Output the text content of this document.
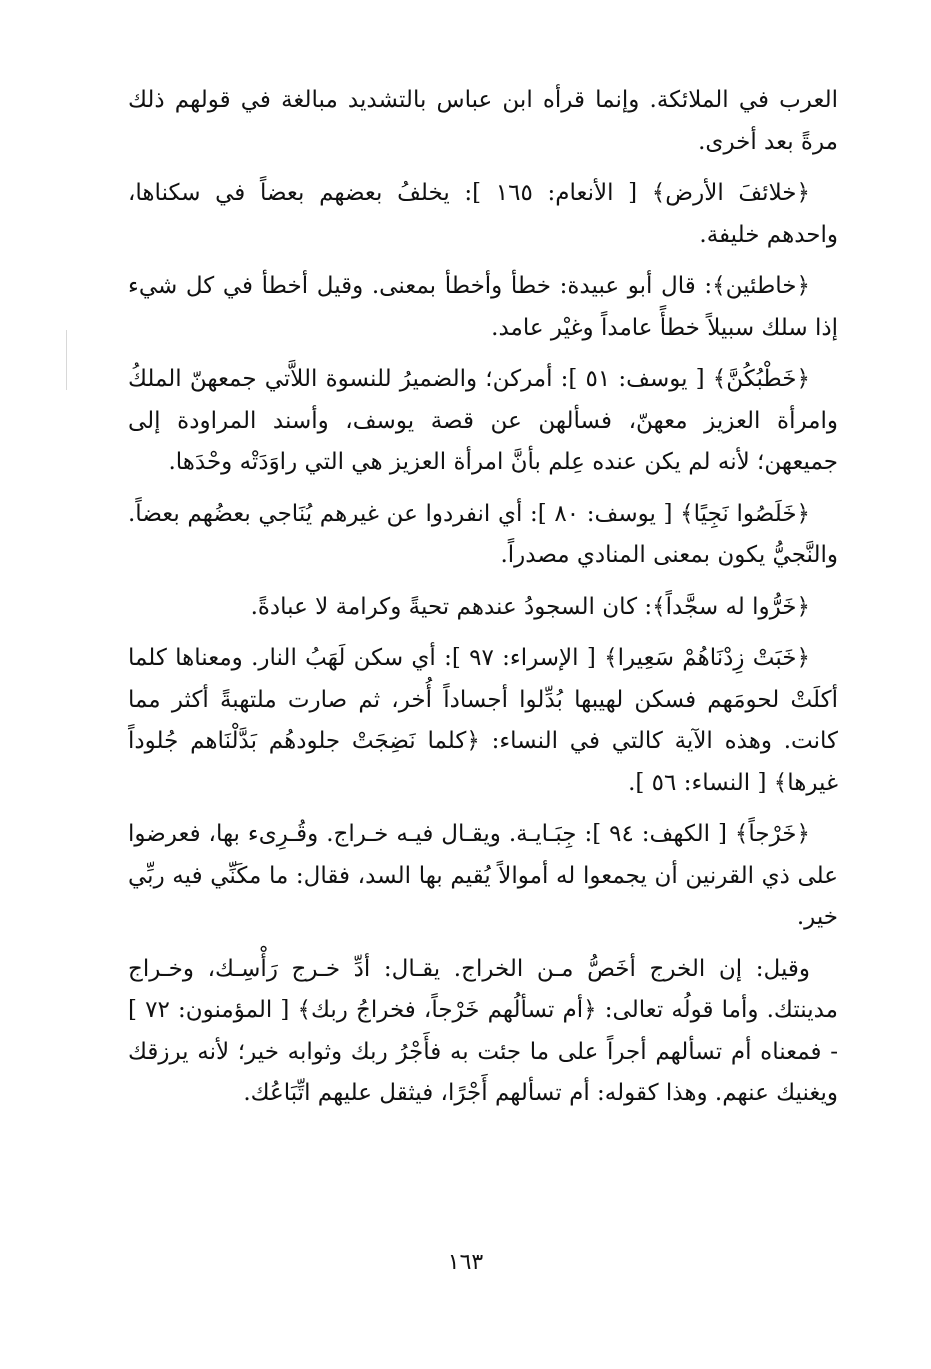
العرب في الملائكة. وإنما قرأه ابن عباس بالتشديد مبالغة في قولهم ذلك مرةً بعد أخرى.

﴿خلائفَ الأرض﴾ [ الأنعام: ١٦٥ ]: يخلفُ بعضهم بعضاً في سكناها، واحدهم خليفة.

﴿خاطئين﴾: قال أبو عبيدة: خطأ وأخطأ بمعنى. وقيل أخطأ في كل شيء إذا سلك سبيلاً خطأً عامداً وغيْر عامد.

﴿خَطْبُكُنَّ﴾ [ يوسف: ٥١ ]: أمركن؛ والضميرُ للنسوة اللاَّتي جمعهنّ الملكُ وامرأة العزيز معهنّ، فسألهن عن قصة يوسف، وأسند المراودة إلى جميعهن؛ لأنه لم يكن عنده عِلم بأنَّ امرأة العزيز هي التي راوَدَتْه وحْدَها.

﴿خَلَصُوا نَجِيًا﴾ [ يوسف: ٨٠ ]: أي انفردوا عن غيرهم يُنَاجي بعضُهم بعضاً. والنَّجيُّ يكون بمعنى المنادي مصدراً.

﴿خَرُّوا له سجَّداً﴾: كان السجودُ عندهم تحيةً وكرامة لا عبادةً.

﴿خَبَتْ زِدْنَاهُمْ سَعِيرا﴾ [ الإسراء: ٩٧ ]: أي سكن لَهَبُ النار. ومعناها كلما أكلَتْ لحومَهم فسكن لهيبها بُدِّلوا أجساداً أُخر، ثم صارت ملتهبةً أكثر مما كانت. وهذه الآية كالتي في النساء: ﴿كلما نَضِجَتْ جلودهُم بَدَّلْنَاهم جُلوداً غيرها﴾ [ النساء: ٥٦ ].

﴿خَرْجاً﴾ [ الكهف: ٩٤ ]: جِبَـايـة. ويقـال فيـه خـراج. وقُـرِىء بها، فعرضوا على ذي القرنين أن يجمعوا له أموالاً يُقيم بها السد، فقال: ما مكَنِّي فيه ربِّي خير.

وقيل: إن الخرج أخَصُّ مـن الخراج. يقـال: أدِّ خـرج رَأْسِـك، وخـراج مدينتك. وأما قولُه تعالى: ﴿أم تسألُهم خَرْجاً، فخراجُ ربك﴾ [ المؤمنون: ٧٢ ] - فمعناه أم تسألهم أجراً على ما جئت به فأَجْرُ ربك وثوابه خير؛ لأنه يرزقك ويغنيك عنهم. وهذا كقوله: أم تسألهم أَجْرًا، فيثقل عليهم اتِّبَاعُك.

١٦٣
